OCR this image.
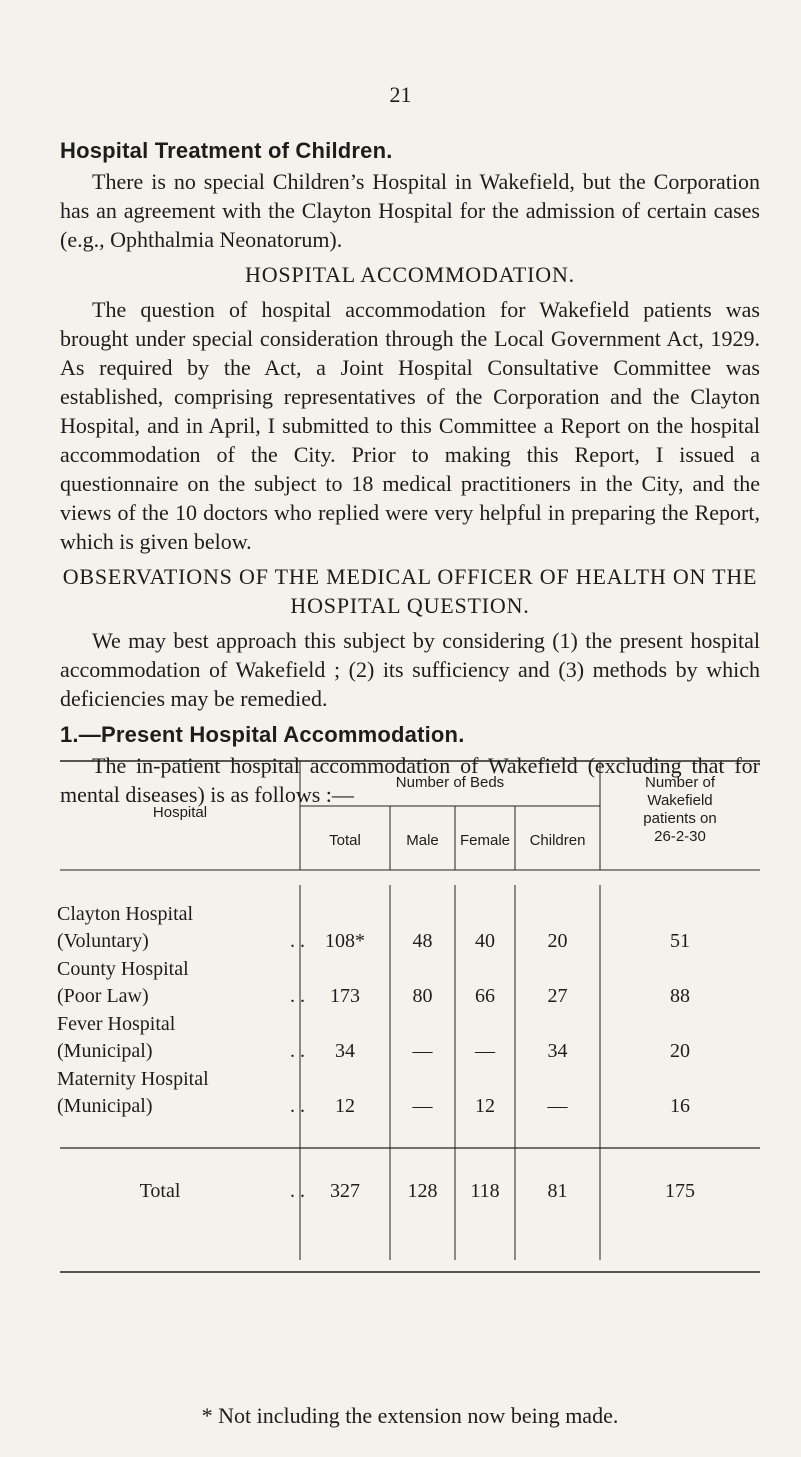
21
Hospital Treatment of Children.

There is no special Children’s Hospital in Wakefield, but the Corporation has an agreement with the Clayton Hospital for the admission of certain cases (e.g., Ophthalmia Neonatorum).

HOSPITAL ACCOMMODATION.

The question of hospital accommodation for Wakefield patients was brought under special consideration through the Local Government Act, 1929. As required by the Act, a Joint Hospital Consultative Committee was established, comprising representatives of the Corporation and the Clayton Hospital, and in April, I submitted to this Committee a Report on the hospital accommodation of the City. Prior to making this Report, I issued a questionnaire on the subject to 18 medical practitioners in the City, and the views of the 10 doctors who replied were very helpful in preparing the Report, which is given below.

OBSERVATIONS OF THE MEDICAL OFFICER OF HEALTH ON THE HOSPITAL QUESTION.

We may best approach this subject by considering (1) the present hospital accommodation of Wakefield ; (2) its sufficiency and (3) methods by which deficiencies may be remedied.

1.—Present Hospital Accommodation.

The in-patient hospital accommodation of Wakefield (excluding that for mental diseases) is as follows :—

Hospital
Number of Beds
Total	Male	Female	Children
Number of
Wakefield
patients on
26-2-30
Clayton Hospital
(Voluntary)	. .	108*	48	40	20	51
County Hospital
(Poor Law)	. .	173	80	66	27	88
Fever Hospital
(Municipal)	. .	34	—	—	34	20
Maternity Hospital
(Municipal)	. .	12	—	12	—	16
Total	. .	327	128	118	81	175
* Not including the extension now being made.
